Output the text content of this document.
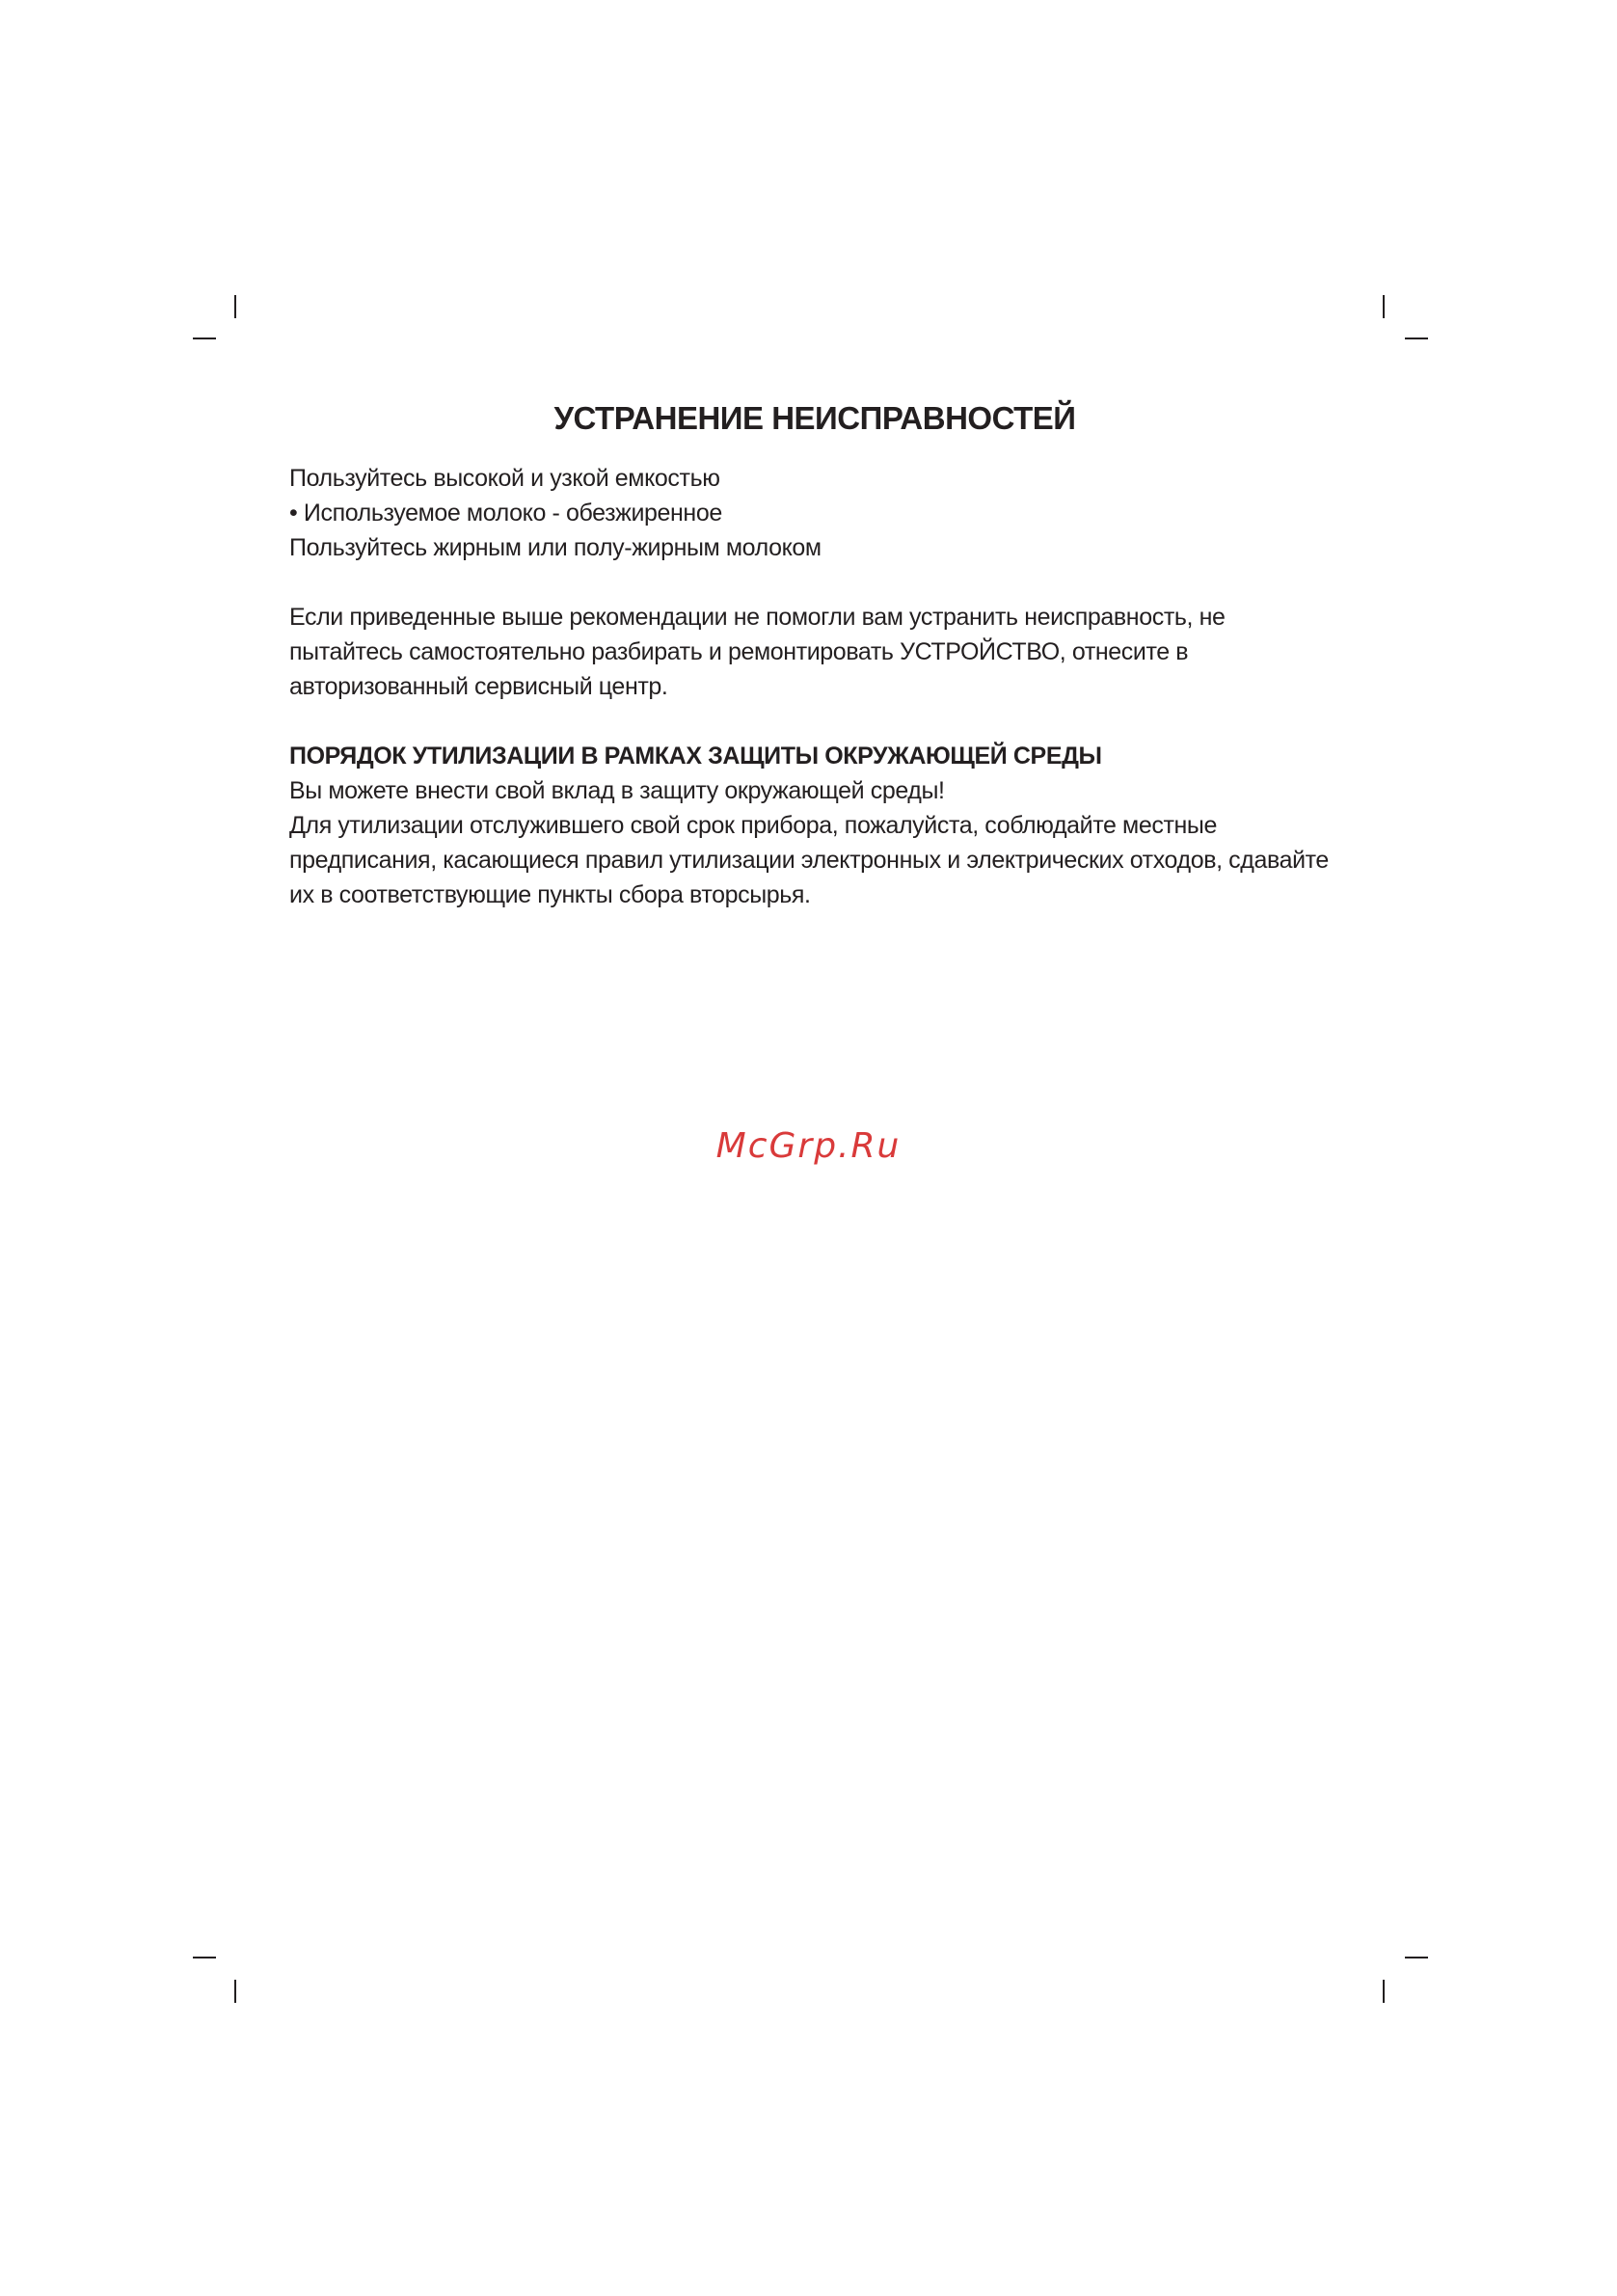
УСТРАНЕНИЕ НЕИСПРАВНОСТЕЙ

Пользуйтесь высокой и узкой емкостью

• Используемое молоко - обезжиренное

Пользуйтесь жирным или полу-жирным молоком

Если приведенные выше рекомендации не помогли вам устранить неисправность, не пытайтесь самостоятельно разбирать и ремонтировать УСТРОЙСТВО, отнесите в авторизованный сервисный центр.

ПОРЯДОК УТИЛИЗАЦИИ В РАМКАХ ЗАЩИТЫ ОКРУЖАЮЩЕЙ СРЕДЫ

Вы можете внести свой вклад в защиту окружающей среды!

Для утилизации отслужившего свой срок прибора, пожалуйста, соблюдайте местные предписания, касающиеся правил утилизации электронных и электрических отходов, сдавайте их в соответствующие пункты сбора вторсырья.

McGrp.Ru
